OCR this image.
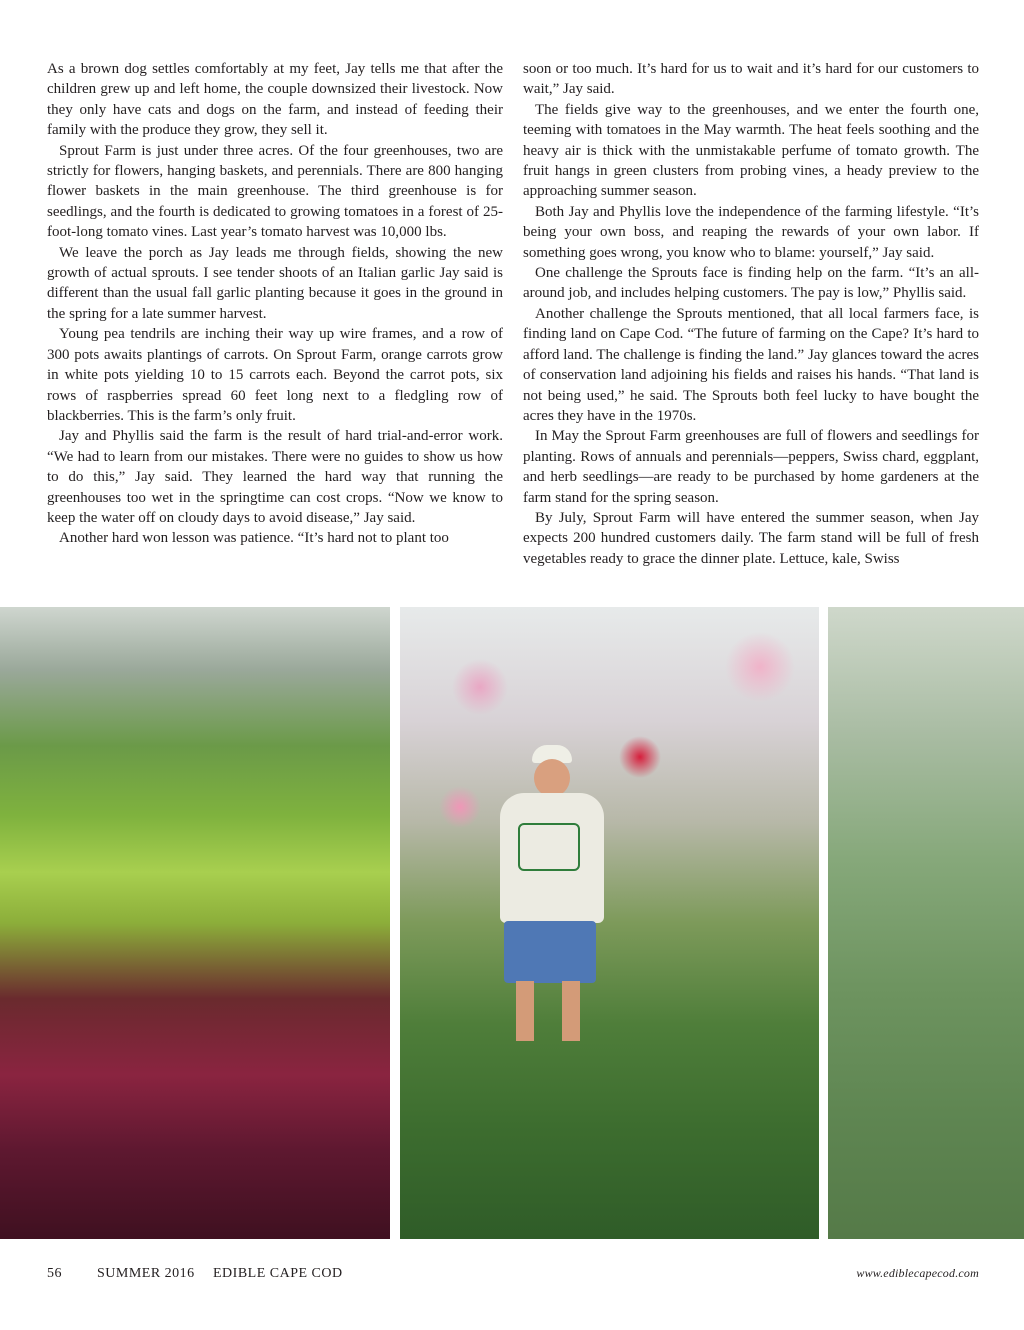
As a brown dog settles comfortably at my feet, Jay tells me that after the children grew up and left home, the couple downsized their livestock. Now they only have cats and dogs on the farm, and instead of feeding their family with the produce they grow, they sell it.

Sprout Farm is just under three acres. Of the four greenhouses, two are strictly for flowers, hanging baskets, and perennials. There are 800 hanging flower baskets in the main greenhouse. The third greenhouse is for seedlings, and the fourth is dedicated to growing tomatoes in a forest of 25-foot-long tomato vines. Last year’s tomato harvest was 10,000 lbs.

We leave the porch as Jay leads me through fields, showing the new growth of actual sprouts. I see tender shoots of an Italian garlic Jay said is different than the usual fall garlic planting because it goes in the ground in the spring for a late summer harvest.

Young pea tendrils are inching their way up wire frames, and a row of 300 pots awaits plantings of carrots. On Sprout Farm, orange carrots grow in white pots yielding 10 to 15 carrots each. Beyond the carrot pots, six rows of raspberries spread 60 feet long next to a fledgling row of blackberries. This is the farm’s only fruit.

Jay and Phyllis said the farm is the result of hard trial-and-error work. “We had to learn from our mistakes. There were no guides to show us how to do this,” Jay said. They learned the hard way that running the greenhouses too wet in the springtime can cost crops. “Now we know to keep the water off on cloudy days to avoid disease,” Jay said.

Another hard won lesson was patience. “It’s hard not to plant too

soon or too much. It’s hard for us to wait and it’s hard for our customers to wait,” Jay said.

The fields give way to the greenhouses, and we enter the fourth one, teeming with tomatoes in the May warmth. The heat feels soothing and the heavy air is thick with the unmistakable perfume of tomato growth. The fruit hangs in green clusters from probing vines, a heady preview to the approaching summer season.

Both Jay and Phyllis love the independence of the farming lifestyle. “It’s being your own boss, and reaping the rewards of your own labor. If something goes wrong, you know who to blame: yourself,” Jay said.

One challenge the Sprouts face is finding help on the farm. “It’s an all-around job, and includes helping customers. The pay is low,” Phyllis said.

Another challenge the Sprouts mentioned, that all local farmers face, is finding land on Cape Cod. “The future of farming on the Cape? It’s hard to afford land. The challenge is finding the land.” Jay glances toward the acres of conservation land adjoining his fields and raises his hands. “That land is not being used,” he said. The Sprouts both feel lucky to have bought the acres they have in the 1970s.

In May the Sprout Farm greenhouses are full of flowers and seedlings for planting. Rows of annuals and perennials—peppers, Swiss chard, eggplant, and herb seedlings—are ready to be purchased by home gardeners at the farm stand for the spring season.

By July, Sprout Farm will have entered the summer season, when Jay expects 200 hundred customers daily. The farm stand will be full of fresh vegetables ready to grace the dinner plate. Lettuce, kale, Swiss

56	SUMMER 2016 EDIBLE CAPE COD	www.ediblecapecod.com
